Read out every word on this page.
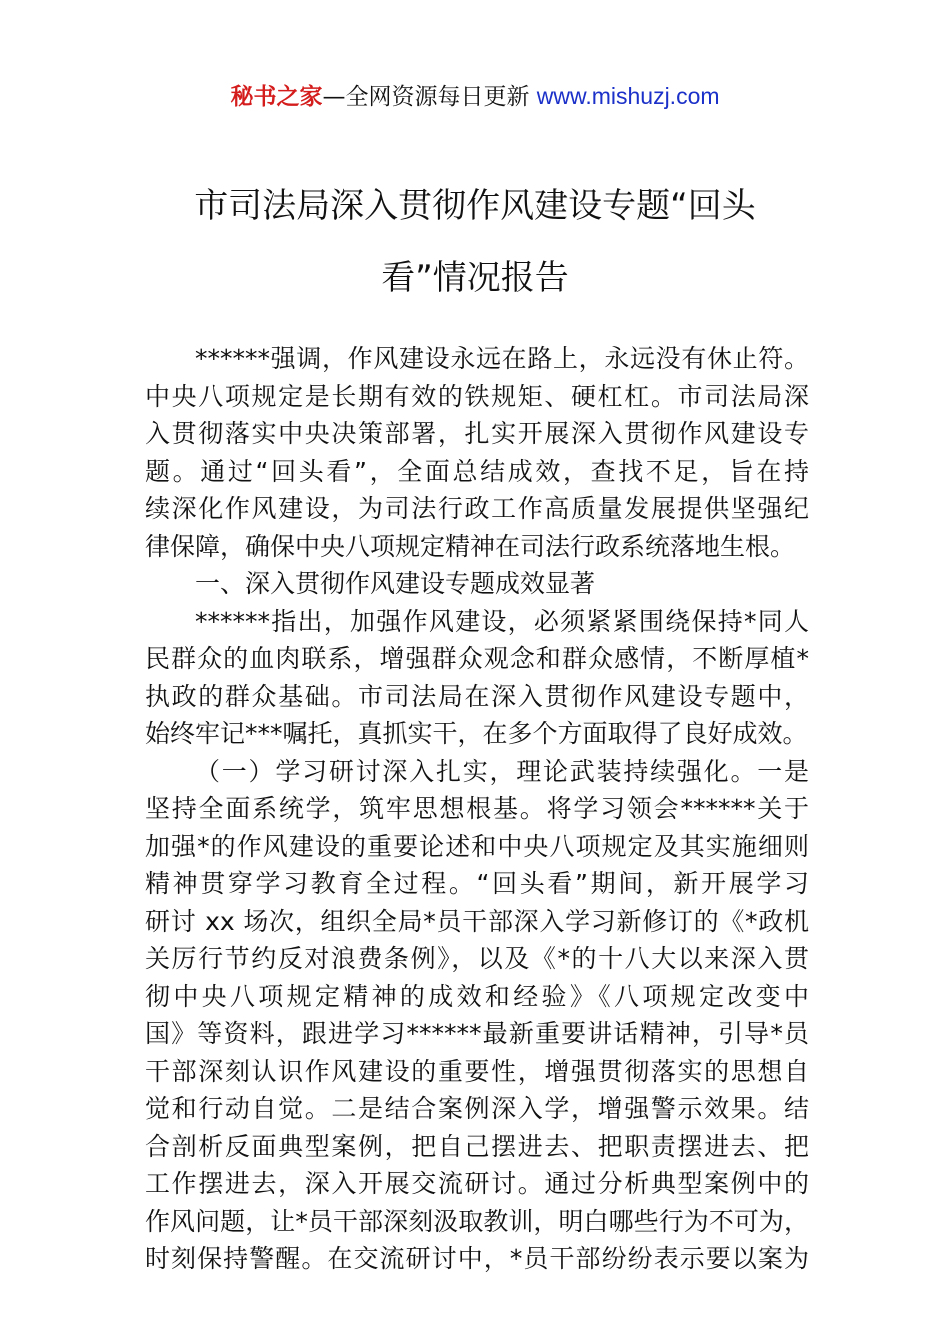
秘书之家—全网资源每日更新 www.mishuzj.com
市司法局深入贯彻作风建设专题“回头
看”情况报告
******强调，作风建设永远在路上，永远没有休止符。
中央八项规定是长期有效的铁规矩、硬杠杠。市司法局深
入贯彻落实中央决策部署，扎实开展深入贯彻作风建设专
题。通过“回头看”，全面总结成效，查找不足，旨在持
续深化作风建设，为司法行政工作高质量发展提供坚强纪
律保障，确保中央八项规定精神在司法行政系统落地生根。
一、深入贯彻作风建设专题成效显著
******指出，加强作风建设，必须紧紧围绕保持*同人
民群众的血肉联系，增强群众观念和群众感情，不断厚植*
执政的群众基础。市司法局在深入贯彻作风建设专题中，
始终牢记***嘱托，真抓实干，在多个方面取得了良好成效。
（一）学习研讨深入扎实，理论武装持续强化。一是
坚持全面系统学，筑牢思想根基。将学习领会******关于
加强*的作风建设的重要论述和中央八项规定及其实施细则
精神贯穿学习教育全过程。“回头看”期间，新开展学习
研讨 xx 场次，组织全局*员干部深入学习新修订的《*政机
关厉行节约反对浪费条例》，以及《*的十八大以来深入贯
彻中央八项规定精神的成效和经验》《八项规定改变中
国》等资料，跟进学习******最新重要讲话精神，引导*员
干部深刻认识作风建设的重要性，增强贯彻落实的思想自
觉和行动自觉。二是结合案例深入学，增强警示效果。结
合剖析反面典型案例，把自己摆进去、把职责摆进去、把
工作摆进去，深入开展交流研讨。通过分析典型案例中的
作风问题，让*员干部深刻汲取教训，明白哪些行为不可为，
时刻保持警醒。在交流研讨中，*员干部纷纷表示要以案为
